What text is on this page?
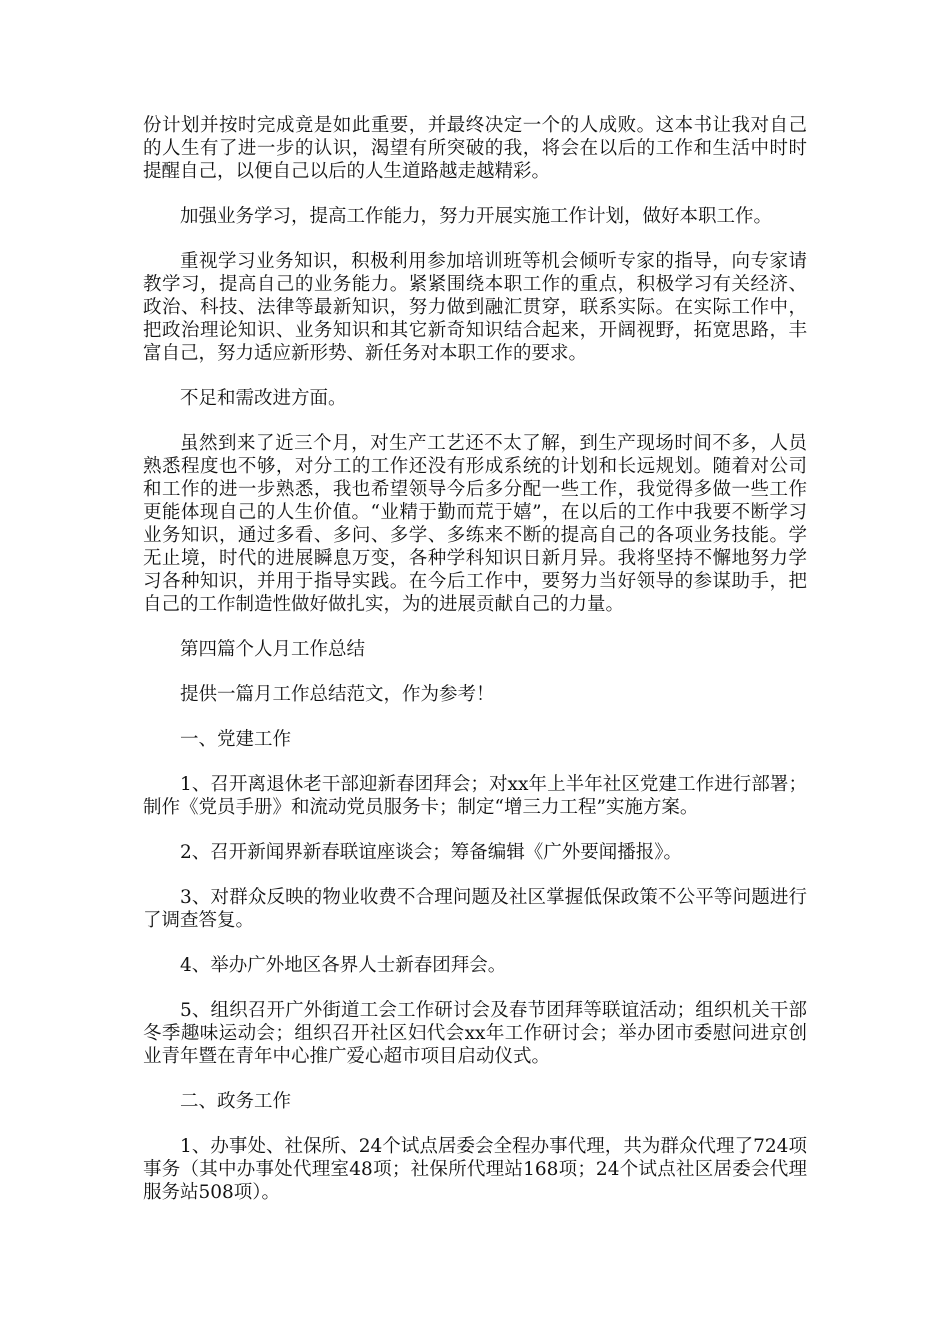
份计划并按时完成竟是如此重要，并最终决定一个的人成败。这本书让我对自己的人生有了进一步的认识，渴望有所突破的我，将会在以后的工作和生活中时时提醒自己，以便自己以后的人生道路越走越精彩。

加强业务学习，提高工作能力，努力开展实施工作计划，做好本职工作。

重视学习业务知识，积极利用参加培训班等机会倾听专家的指导，向专家请教学习，提高自己的业务能力。紧紧围绕本职工作的重点，积极学习有关经济、政治、科技、法律等最新知识，努力做到融汇贯穿，联系实际。在实际工作中，把政治理论知识、业务知识和其它新奇知识结合起来，开阔视野，拓宽思路，丰富自己，努力适应新形势、新任务对本职工作的要求。

不足和需改进方面。

虽然到来了近三个月，对生产工艺还不太了解，到生产现场时间不多，人员熟悉程度也不够，对分工的工作还没有形成系统的计划和长远规划。随着对公司和工作的进一步熟悉，我也希望领导今后多分配一些工作，我觉得多做一些工作更能体现自己的人生价值。“业精于勤而荒于嬉”，在以后的工作中我要不断学习业务知识，通过多看、多问、多学、多练来不断的提高自己的各项业务技能。学无止境，时代的进展瞬息万变，各种学科知识日新月异。我将坚持不懈地努力学习各种知识，并用于指导实践。在今后工作中，要努力当好领导的参谋助手，把自己的工作制造性做好做扎实，为的进展贡献自己的力量。

第四篇个人月工作总结

提供一篇月工作总结范文，作为参考！

一、党建工作

1、召开离退休老干部迎新春团拜会；对xx年上半年社区党建工作进行部署；制作《党员手册》和流动党员服务卡；制定“增三力工程”实施方案。

2、召开新闻界新春联谊座谈会；筹备编辑《广外要闻播报》。

3、对群众反映的物业收费不合理问题及社区掌握低保政策不公平等问题进行了调查答复。

4、举办广外地区各界人士新春团拜会。

5、组织召开广外街道工会工作研讨会及春节团拜等联谊活动；组织机关干部冬季趣味运动会；组织召开社区妇代会xx年工作研讨会；举办团市委慰问进京创业青年暨在青年中心推广爱心超市项目启动仪式。

二、政务工作

1、办事处、社保所、24个试点居委会全程办事代理，共为群众代理了724项事务（其中办事处代理室48项；社保所代理站168项；24个试点社区居委会代理服务站508项）。
